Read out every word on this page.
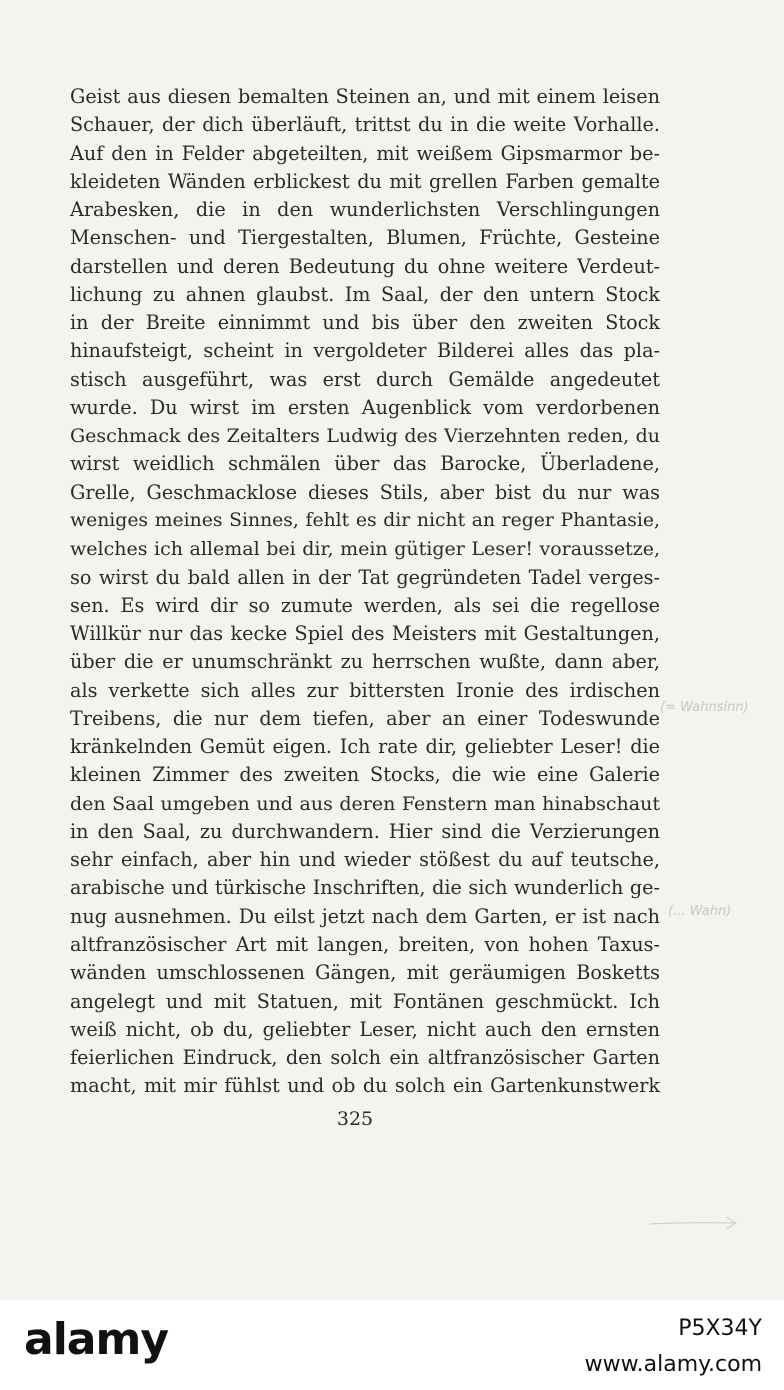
Geist aus diesen bemalten Steinen an, und mit einem leisen
Schauer, der dich überläuft, trittst du in die weite Vorhalle.
Auf den in Felder abgeteilten, mit weißem Gipsmarmor be-
kleideten Wänden erblickest du mit grellen Farben gemalte
Arabesken, die in den wunderlichsten Verschlingungen
Menschen- und Tiergestalten, Blumen, Früchte, Gesteine
darstellen und deren Bedeutung du ohne weitere Verdeut-
lichung zu ahnen glaubst. Im Saal, der den untern Stock
in der Breite einnimmt und bis über den zweiten Stock
hinaufsteigt, scheint in vergoldeter Bilderei alles das pla-
stisch ausgeführt, was erst durch Gemälde angedeutet
wurde. Du wirst im ersten Augenblick vom verdorbenen
Geschmack des Zeitalters Ludwig des Vierzehnten reden, du
wirst weidlich schmälen über das Barocke, Überladene,
Grelle, Geschmacklose dieses Stils, aber bist du nur was
weniges meines Sinnes, fehlt es dir nicht an reger Phantasie,
welches ich allemal bei dir, mein gütiger Leser! voraussetze,
so wirst du bald allen in der Tat gegründeten Tadel verges-
sen. Es wird dir so zumute werden, als sei die regellose
Willkür nur das kecke Spiel des Meisters mit Gestaltungen,
über die er unumschränkt zu herrschen wußte, dann aber,
als verkette sich alles zur bittersten Ironie des irdischen
Treibens, die nur dem tiefen, aber an einer Todeswunde
kränkelnden Gemüt eigen. Ich rate dir, geliebter Leser! die
kleinen Zimmer des zweiten Stocks, die wie eine Galerie
den Saal umgeben und aus deren Fenstern man hinabschaut
in den Saal, zu durchwandern. Hier sind die Verzierungen
sehr einfach, aber hin und wieder stößest du auf teutsche,
arabische und türkische Inschriften, die sich wunderlich ge-
nug ausnehmen. Du eilst jetzt nach dem Garten, er ist nach
altfranzösischer Art mit langen, breiten, von hohen Taxus-
wänden umschlossenen Gängen, mit geräumigen Bosketts
angelegt und mit Statuen, mit Fontänen geschmückt. Ich
weiß nicht, ob du, geliebter Leser, nicht auch den ernsten
feierlichen Eindruck, den solch ein altfranzösischer Garten
macht, mit mir fühlst und ob du solch ein Gartenkunstwerk
325
(= Wahnsinn)
(... Wahn)
alamy	P5X34Y
www.alamy.com
